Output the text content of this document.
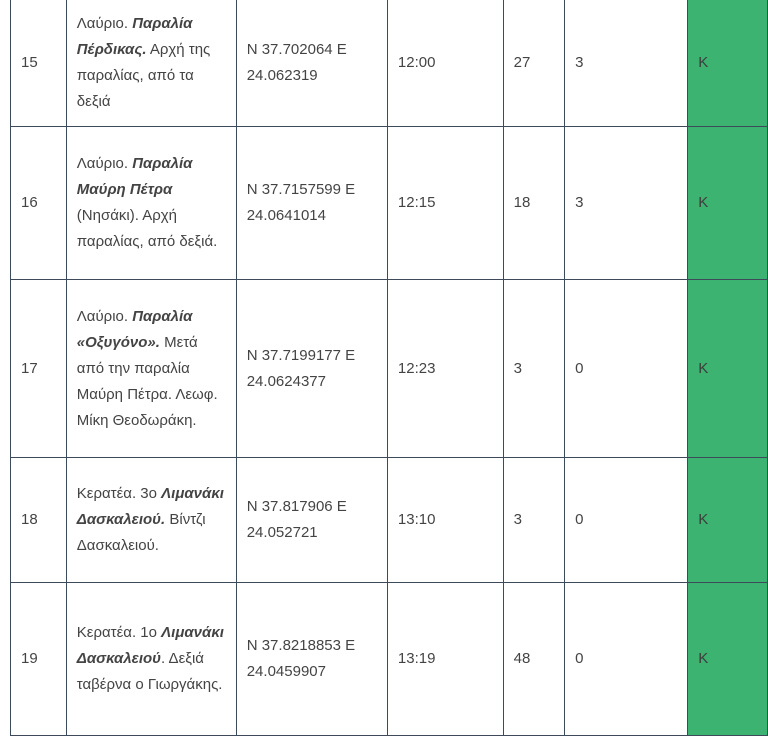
15	Λαύριο. Παραλία Πέρδικας. Αρχή της παραλίας, από τα δεξιά	N 37.702064 E 24.062319	12:00	27	3	K
16	Λαύριο. Παραλία Μαύρη Πέτρα (Νησάκι). Αρχή παραλίας, από δεξιά.	N 37.7157599 E 24.0641014	12:15	18	3	K
17	Λαύριο. Παραλία «Οξυγόνο». Μετά από την παραλία Μαύρη Πέτρα. Λεωφ. Μίκη Θεοδωράκη.	N 37.7199177 E 24.0624377	12:23	3	0	K
18	Κερατέα. 3ο Λιμανάκι Δασκαλειού. Βίντζι Δασκαλειού.	N 37.817906 E 24.052721	13:10	3	0	K
19	Κερατέα. 1ο Λιμανάκι Δασκαλειού. Δεξιά ταβέρνα ο Γιωργάκης.	N 37.8218853 E 24.0459907	13:19	48	0	K
